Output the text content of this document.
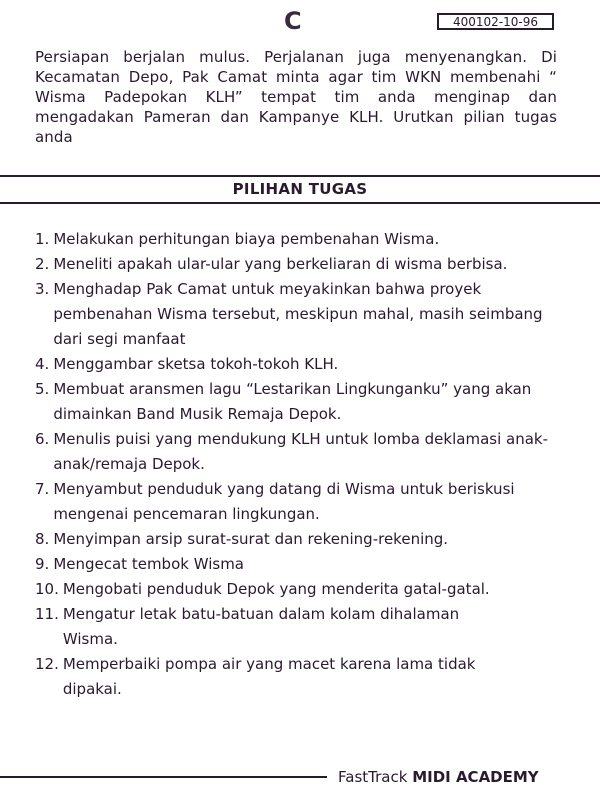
C	400102-10-96
Persiapan berjalan mulus. Perjalanan juga menyenangkan. Di Kecamatan Depo, Pak Camat minta agar tim WKN membenahi “ Wisma Padepokan KLH” tempat tim anda menginap dan mengadakan Pameran dan Kampanye KLH. Urutkan pilian tugas anda
PILIHAN TUGAS
1. Melakukan perhitungan biaya pembenahan Wisma.
2. Meneliti apakah ular-ular yang berkeliaran di wisma berbisa.
3. Menghadap Pak Camat untuk meyakinkan bahwa proyek pembenahan Wisma tersebut, meskipun mahal, masih seimbang dari segi manfaat
4. Menggambar sketsa tokoh-tokoh KLH.
5. Membuat aransmen lagu “Lestarikan Lingkunganku” yang akan dimainkan Band Musik Remaja Depok.
6. Menulis puisi yang mendukung KLH untuk lomba deklamasi anak-anak/remaja Depok.
7. Menyambut penduduk yang datang di Wisma untuk beriskusi mengenai pencemaran lingkungan.
8. Menyimpan arsip surat-surat dan rekening-rekening.
9. Mengecat tembok Wisma
10. Mengobati penduduk Depok yang menderita gatal-gatal.
11. Mengatur letak batu-batuan dalam kolam dihalaman Wisma.
12. Memperbaiki pompa air yang macet karena lama tidak dipakai.
FastTrack MIDI ACADEMY
